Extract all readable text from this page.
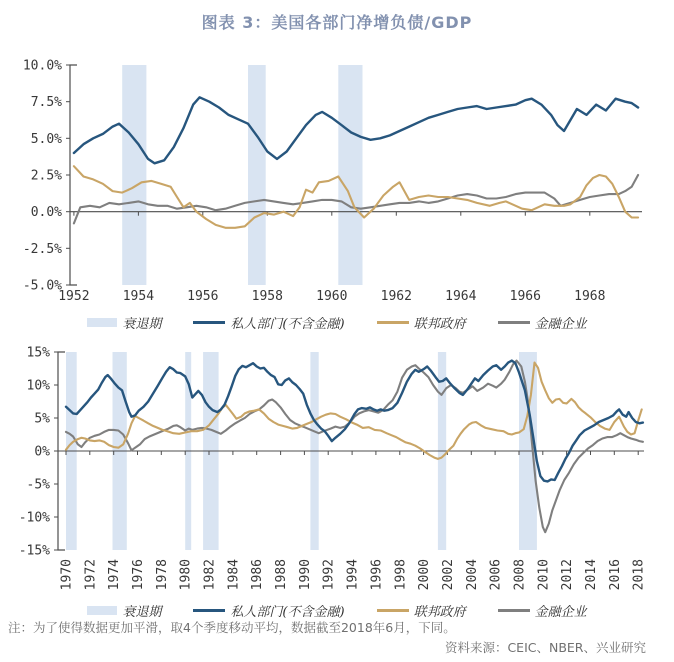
图表 3：美国各部门净增负债/GDP
1952	1954	1956	1958	1960	1962	1964	1966	1968
10.0%
7.5%
5.0%
2.5%
0.0%
-2.5%
-5.0%
衰退期	私人部门(不含金融)	联邦政府	金融企业
1970 1972 1974 1976 1978 1980 1982 1984 1986 1988 1990 1992 1994 1996 1998 2000 2002 2004 2006 2008 2010 2012 2014 2016 2018
15%
10%
5%
0%
-5%
-10%
-15%
衰退期	私人部门(不含金融)	联邦政府	金融企业
注：为了使得数据更加平滑，取4个季度移动平均，数据截至2018年6月，下同。
资料来源：CEIC、NBER、兴业研究
